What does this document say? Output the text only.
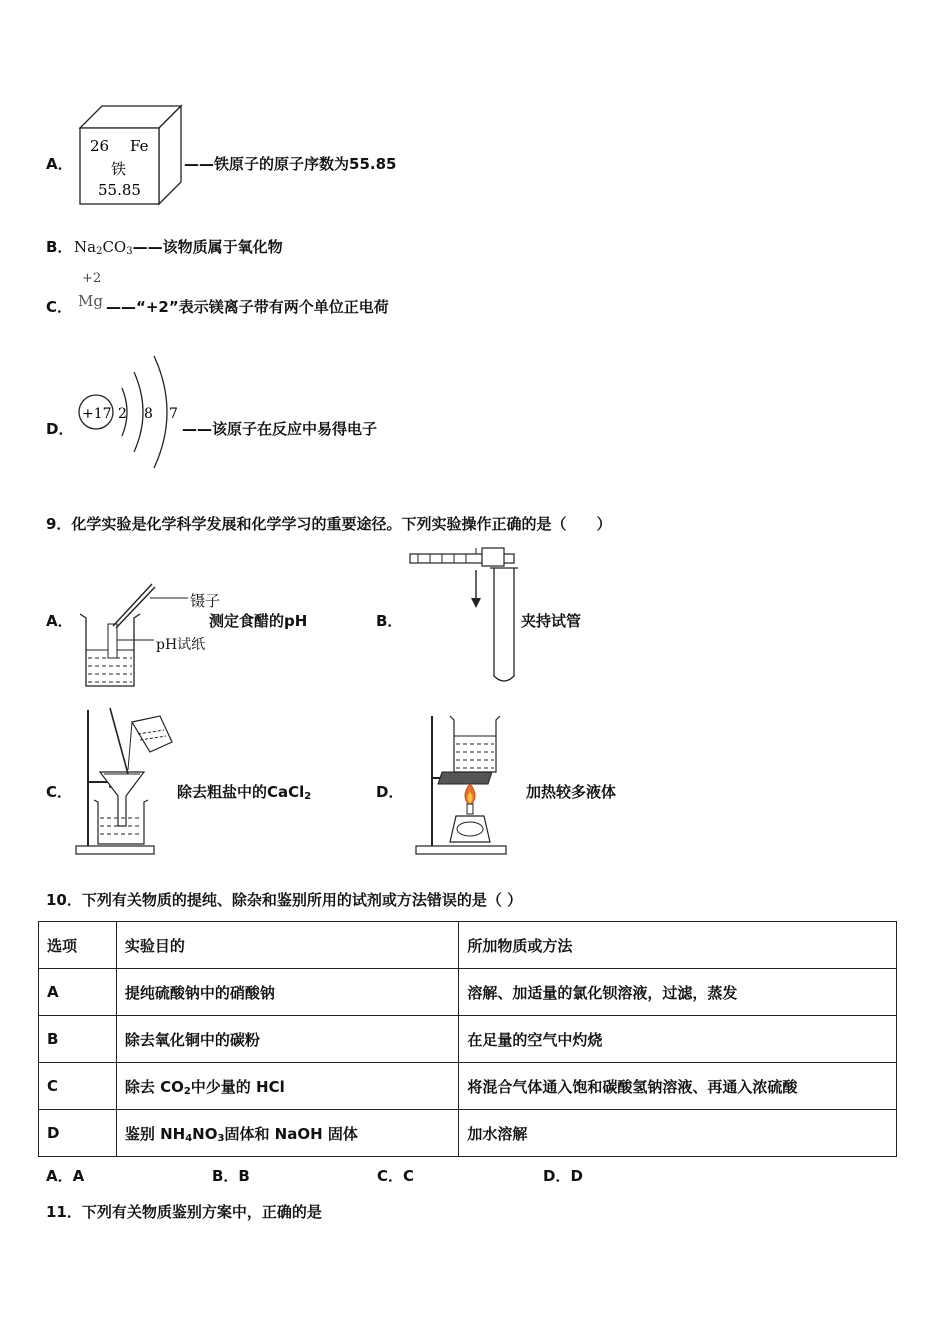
A．
26 Fe
铁
55.85
——铁原子的原子序数为55.85
B． $Na_2CO_3——$该物质属于氧化物
+2
C． Mg ——“+2”表示镁离子带有两个单位正电荷
D．
+17 2 8 7
——该原子在反应中易得电子
9．化学实验是化学科学发展和化学学习的重要途径。下列实验操作正确的是（　　）
A．
镊子
pH试纸
测定食醋的pH	B．	夹持试管
C．	除去粗盐中的CaCl$_2$	D．	加热较多液体
10．下列有关物质的提纯、除杂和鉴别所用的试剂或方法错误的是（ ）
选项	实验目的	所加物质或方法
A	提纯硫酸钠中的硝酸钠	溶解、加适量的氯化钡溶液，过滤，蒸发
B	除去氧化铜中的碳粉	在足量的空气中灼烧
C	除去 $CO_2$中少量的 HCl	将混合气体通入饱和碳酸氢钠溶液、再通入浓硫酸
D	鉴别 $NH_4NO_3$固体和 NaOH 固体	加水溶解
A．A	B．B	C．C	D．D
11．下列有关物质鉴别方案中，正确的是
